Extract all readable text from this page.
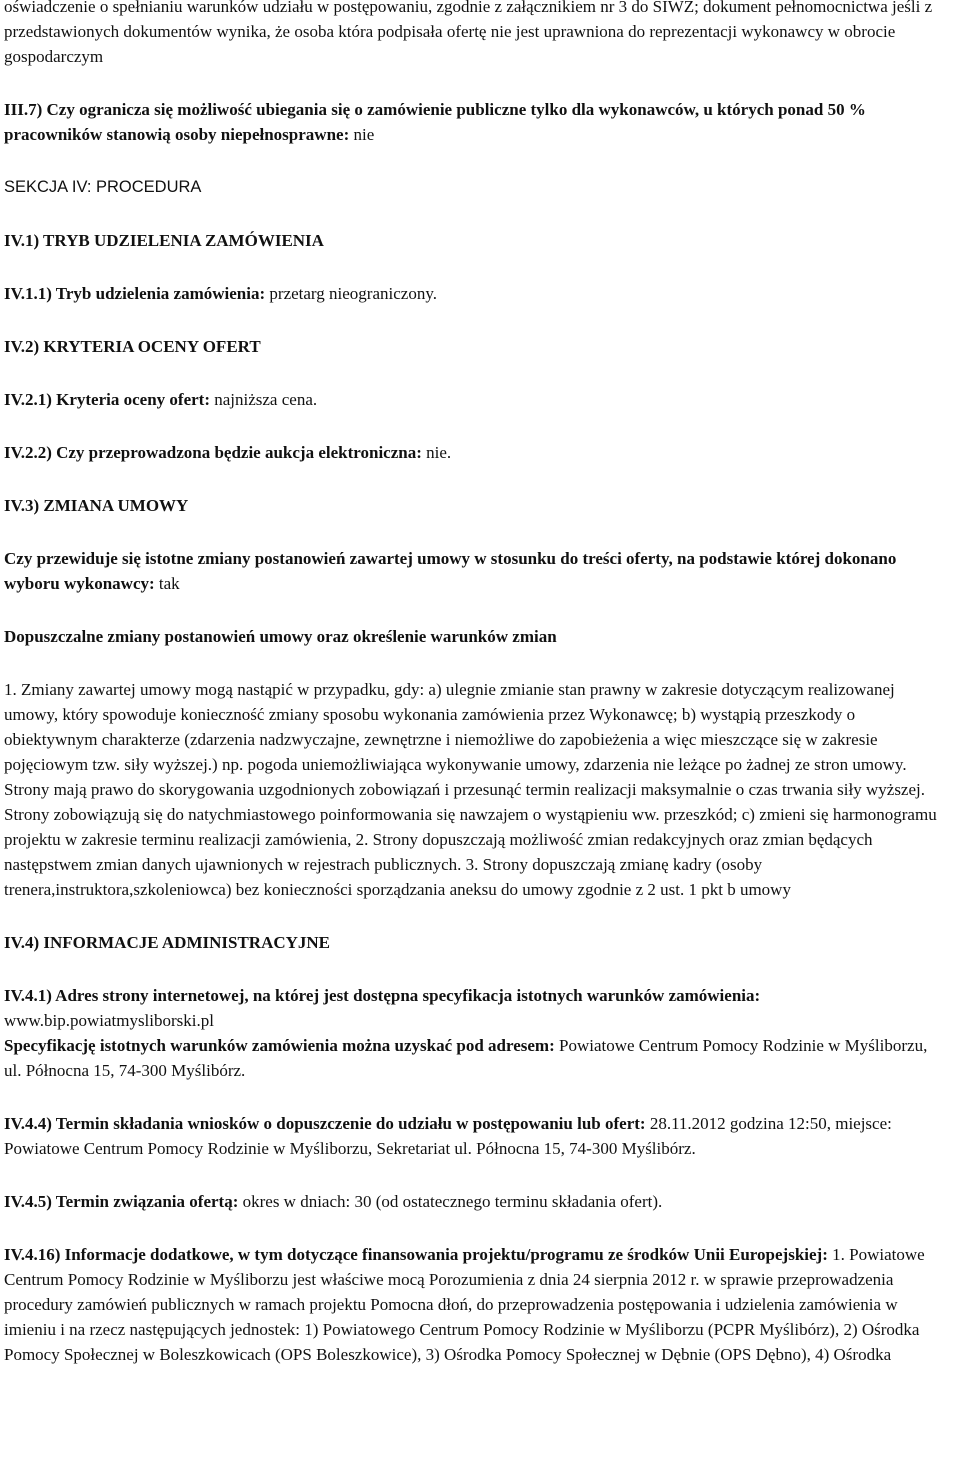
oświadczenie o spełnianiu warunków udziału w postępowaniu, zgodnie z załącznikiem nr 3 do SIWZ; dokument pełnomocnictwa jeśli z przedstawionych dokumentów wynika, że osoba która podpisała ofertę nie jest uprawniona do reprezentacji wykonawcy w obrocie gospodarczym

III.7) Czy ogranicza się możliwość ubiegania się o zamówienie publiczne tylko dla wykonawców, u których ponad 50 % pracowników stanowią osoby niepełnosprawne: nie

SEKCJA IV: PROCEDURA

IV.1) TRYB UDZIELENIA ZAMÓWIENIA

IV.1.1) Tryb udzielenia zamówienia: przetarg nieograniczony.

IV.2) KRYTERIA OCENY OFERT

IV.2.1) Kryteria oceny ofert: najniższa cena.

IV.2.2) Czy przeprowadzona będzie aukcja elektroniczna: nie.

IV.3) ZMIANA UMOWY

Czy przewiduje się istotne zmiany postanowień zawartej umowy w stosunku do treści oferty, na podstawie której dokonano wyboru wykonawcy: tak

Dopuszczalne zmiany postanowień umowy oraz określenie warunków zmian

1. Zmiany zawartej umowy mogą nastąpić w przypadku, gdy: a) ulegnie zmianie stan prawny w zakresie dotyczącym realizowanej umowy, który spowoduje konieczność zmiany sposobu wykonania zamówienia przez Wykonawcę; b) wystąpią przeszkody o obiektywnym charakterze (zdarzenia nadzwyczajne, zewnętrzne i niemożliwe do zapobieżenia a więc mieszczące się w zakresie pojęciowym tzw. siły wyższej.) np. pogoda uniemożliwiająca wykonywanie umowy, zdarzenia nie leżące po żadnej ze stron umowy. Strony mają prawo do skorygowania uzgodnionych zobowiązań i przesunąć termin realizacji maksymalnie o czas trwania siły wyższej. Strony zobowiązują się do natychmiastowego poinformowania się nawzajem o wystąpieniu ww. przeszkód; c) zmieni się harmonogramu projektu w zakresie terminu realizacji zamówienia, 2. Strony dopuszczają możliwość zmian redakcyjnych oraz zmian będących następstwem zmian danych ujawnionych w rejestrach publicznych. 3. Strony dopuszczają zmianę kadry (osoby trenera,instruktora,szkoleniowca) bez konieczności sporządzania aneksu do umowy zgodnie z 2 ust. 1 pkt b umowy

IV.4) INFORMACJE ADMINISTRACYJNE

IV.4.1) Adres strony internetowej, na której jest dostępna specyfikacja istotnych warunków zamówienia: www.bip.powiatmysliborski.pl
Specyfikację istotnych warunków zamówienia można uzyskać pod adresem: Powiatowe Centrum Pomocy Rodzinie w Myśliborzu, ul. Północna 15, 74-300 Myślibórz.

IV.4.4) Termin składania wniosków o dopuszczenie do udziału w postępowaniu lub ofert: 28.11.2012 godzina 12:50, miejsce: Powiatowe Centrum Pomocy Rodzinie w Myśliborzu, Sekretariat ul. Północna 15, 74-300 Myślibórz.

IV.4.5) Termin związania ofertą: okres w dniach: 30 (od ostatecznego terminu składania ofert).

IV.4.16) Informacje dodatkowe, w tym dotyczące finansowania projektu/programu ze środków Unii Europejskiej: 1. Powiatowe Centrum Pomocy Rodzinie w Myśliborzu jest właściwe mocą Porozumienia z dnia 24 sierpnia 2012 r. w sprawie przeprowadzenia procedury zamówień publicznych w ramach projektu Pomocna dłoń, do przeprowadzenia postępowania i udzielenia zamówienia w imieniu i na rzecz następujących jednostek: 1) Powiatowego Centrum Pomocy Rodzinie w Myśliborzu (PCPR Myślibórz), 2) Ośrodka Pomocy Społecznej w Boleszkowicach (OPS Boleszkowice), 3) Ośrodka Pomocy Społecznej w Dębnie (OPS Dębno), 4) Ośrodka
